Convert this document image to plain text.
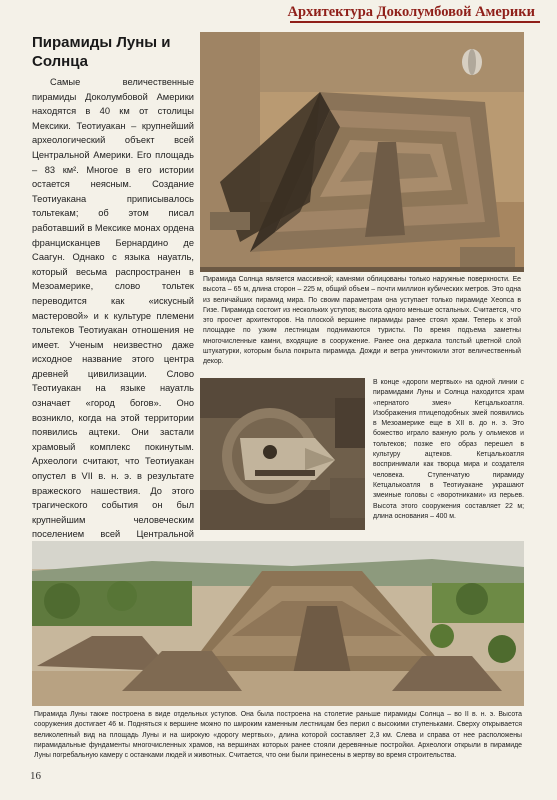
Архитектура Доколумбовой Америки
Пирамиды Луны и Солнца
Самые величественные пирамиды Доколумбовой Америки находятся в 40 км от столицы Мексики. Теотиуакан – крупнейший археологический объект всей Центральной Америки. Его площадь – 83 км². Многое в его истории остается неясным. Создание Теотиуакана приписывалось тольтекам; об этом писал работавший в Мексике монах ордена францисканцев Бернардино де Саагун. Однако с языка науатль, который весьма распространен в Мезоамерике, слово тольтек переводится как «искусный мастеровой» и к культуре племени тольтеков Теотиуакан отношения не имеет. Ученым неизвестно даже исходное название этого центра древней цивилизации. Слово Теотиуакан на языке науатль означает «город богов». Оно возникло, когда на этой территории появились ацтеки. Они застали храмовый комплекс покинутым. Археологи считают, что Теотиуакан опустел в VII в. н. э. в результате вражеского нашествия. До этого трагического события он был крупнейшим человеческим поселением всей Центральной
Пирамида Солнца является массивной; камнями облицованы только наружные поверхности. Ее высота – 65 м, длина сторон – 225 м, общий объем – почти миллион кубических метров. Это одна из величайших пирамид мира. По своим параметрам она уступает только пирамиде Хеопса в Гизе. Пирамида состоит из нескольких уступов; высота одного меньше остальных. Считается, что это просчет архитекторов. На плоской вершине пирамиды ранее стоял храм. Теперь к этой площадке по узким лестницам поднимаются туристы. По время подъема заметны многочисленные камни, входящие в сооружение. Ранее она держала толстый цветной слой штукатурки, которым была покрыта пирамида. Дожди и ветра уничтожили этот величественный декор.
В конце «дороги мертвых» на одной линии с пирамидами Луны и Солнца находится храм «пернатого змея» Кетцалькоатля. Изображения птицеподобных змей появились в Мезоамерике еще в XII в. до н. э. Это божество играло важную роль у ольмеков и тольтеков; позже его образ перешел в культуру ацтеков. Кетцалькоатля воспринимали как творца мира и создателя человека. Ступенчатую пирамиду Кетцалькоатля в Теотиуакане украшают змеиные головы с «воротниками» из перьев. Высота этого сооружения составляет 22 м; длина основания – 400 м.
Пирамида Луны также построена в виде отдельных уступов. Она была построена на столетие раньше пирамиды Солнца – во II в. н. э. Высота сооружения достигает 46 м. Подняться к вершине можно по широким каменным лестницам без перил с высокими ступеньками. Сверху открывается великолепный вид на площадь Луны и на широкую «дорогу мертвых», длина которой составляет 2,3 км. Слева и справа от нее расположены пирамидальные фундаменты многочисленных храмов, на вершинах которых ранее стояли деревянные постройки. Археологи открыли в пирамиде Луны погребальную камеру с останками людей и животных. Считается, что они были принесены в жертву во время строительства.
16
